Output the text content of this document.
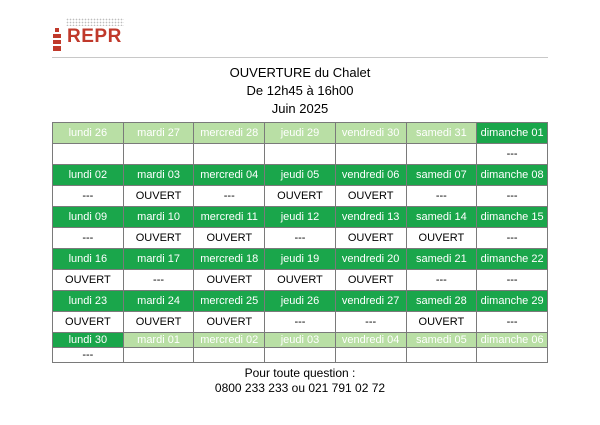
REPR
OUVERTURE du Chalet
De 12h45 à 16h00
Juin 2025
lundi 26	mardi 27	mercredi 28	jeudi 29	vendredi 30	samedi 31	dimanche 01
						---
lundi 02	mardi 03	mercredi 04	jeudi 05	vendredi 06	samedi 07	dimanche 08
---	OUVERT	---	OUVERT	OUVERT	---	---
lundi 09	mardi 10	mercredi 11	jeudi 12	vendredi 13	samedi 14	dimanche 15
---	OUVERT	OUVERT	---	OUVERT	OUVERT	---
lundi 16	mardi 17	mercredi 18	jeudi 19	vendredi 20	samedi 21	dimanche 22
OUVERT	---	OUVERT	OUVERT	OUVERT	---	---
lundi 23	mardi 24	mercredi 25	jeudi 26	vendredi 27	samedi 28	dimanche 29
OUVERT	OUVERT	OUVERT	---	---	OUVERT	---
lundi 30	mardi 01	mercredi 02	jeudi 03	vendredi 04	samedi 05	dimanche 06
---						
Pour toute question :
0800 233 233 ou 021 791 02 72
